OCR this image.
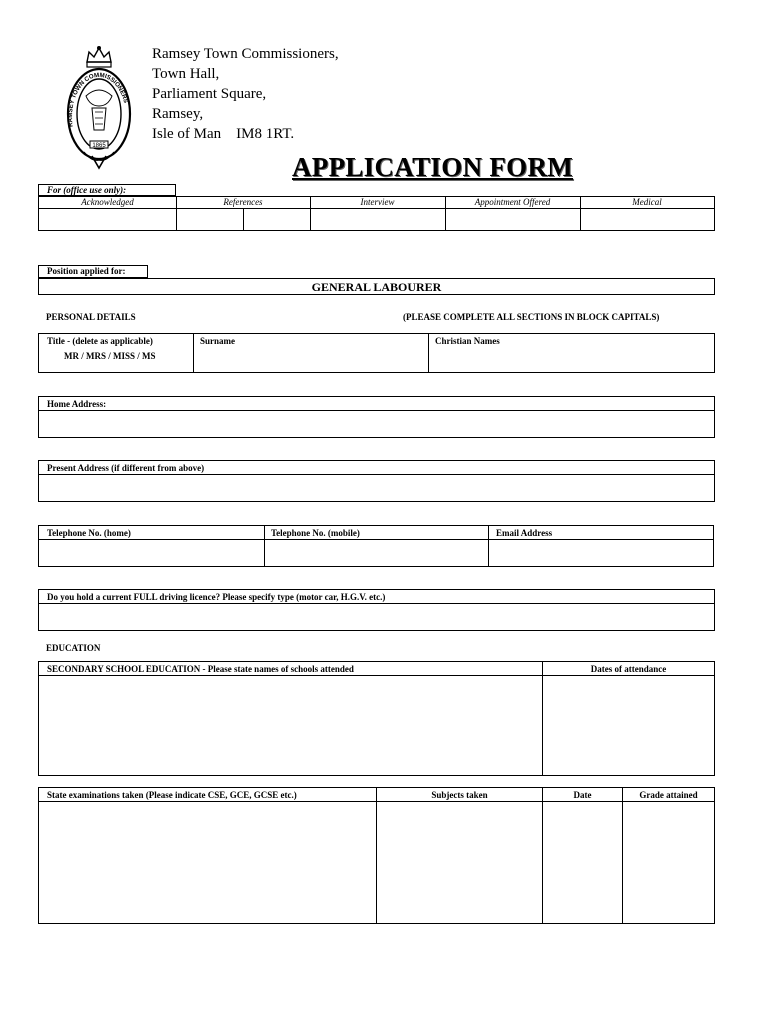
1865
RAMSEY TOWN COMMISSIONERS
Ramsey Town Commissioners,
Town Hall,
Parliament Square,
Ramsey,
Isle of Man    IM8 1RT.
APPLICATION FORM
For (office use only):
Acknowledged	References	Interview	Appointment Offered	Medical
Position applied for:
GENERAL LABOURER
PERSONAL DETAILS	(PLEASE COMPLETE ALL SECTIONS IN BLOCK CAPITALS)
Title - (delete as applicable)
MR / MRS / MISS / MS
Surname	Christian Names
Home Address:
Present Address (if different from above)
Telephone No. (home)	Telephone No. (mobile)	Email Address
Do you hold a current FULL driving licence? Please specify type (motor car, H.G.V. etc.)
EDUCATION
SECONDARY SCHOOL EDUCATION - Please state names of schools attended	Dates of attendance
State examinations taken (Please indicate CSE, GCE, GCSE etc.)	Subjects taken	Date	Grade attained
